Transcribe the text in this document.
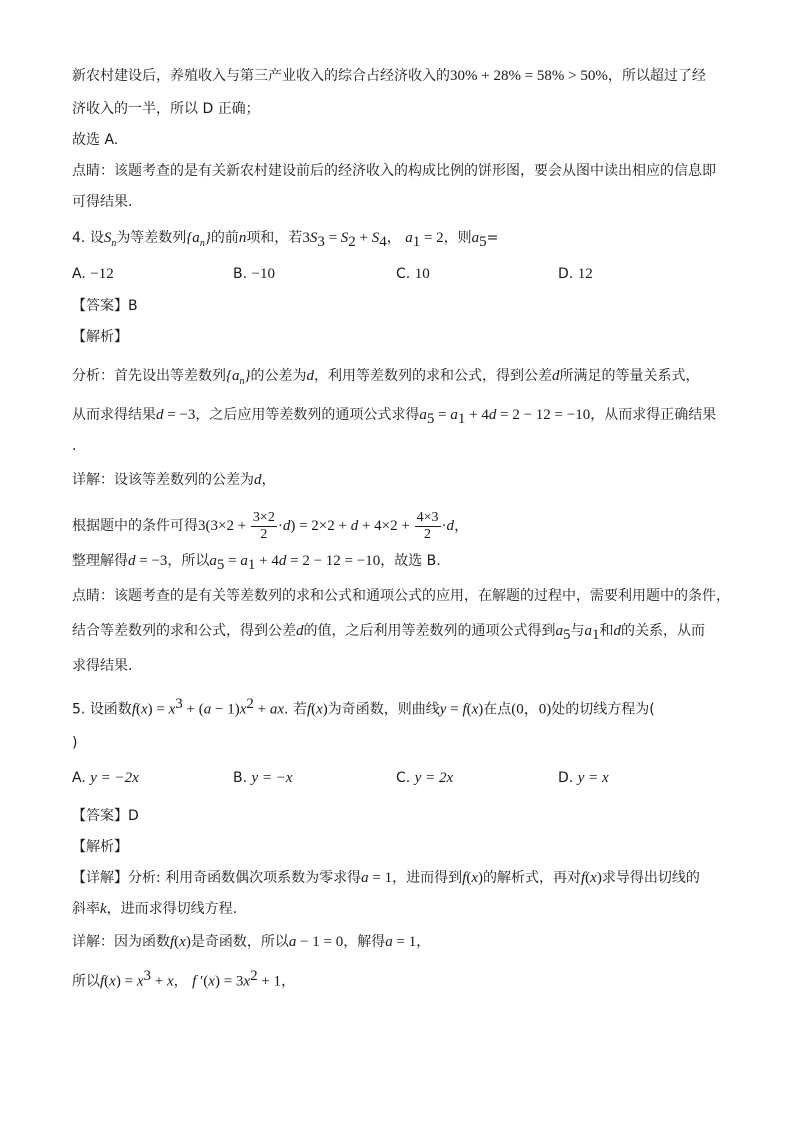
新农村建设后，养殖收入与第三产业收入的综合占经济收入的30% + 28% = 58% > 50%，所以超过了经
济收入的一半，所以 D 正确；
故选 A.
点睛：该题考查的是有关新农村建设前后的经济收入的构成比例的饼形图，要会从图中读出相应的信息即
可得结果.
4. 设$S_n$为等差数列$\{a_n\}$的前n项和，若$3S_3 = S_2 + S_4$， $a_1 = 2$，则$a_5=$
A. −12	B. −10	C. 10	D. 12
【答案】B
【解析】
分析：首先设出等差数列$\{a_n\}$的公差为d，利用等差数列的求和公式，得到公差d所满足的等量关系式，
从而求得结果d = −3，之后应用等差数列的通项公式求得$a_5 = a_1 + 4d = 2 - 12 = -10$，从而求得正确结果
.
详解：设该等差数列的公差为d，
根据题中的条件可得$3(3\times 2 + \frac{3\times 2}{2} \cdot d) = 2\times 2 + d + 4\times 2 + \frac{4\times 3}{2} \cdot d$，
整理解得d = −3，所以$a_5 = a_1 + 4d = 2 - 12 = -10$，故选 B.
点睛：该题考查的是有关等差数列的求和公式和通项公式的应用，在解题的过程中，需要利用题中的条件，
结合等差数列的求和公式，得到公差d的值，之后利用等差数列的通项公式得到$a_5$与$a_1$和d的关系，从而
求得结果.
5. 设函数$f(x) = x^3 + (a - 1)x^2$ + ax. 若f(x)为奇函数，则曲线y = f(x)在点(0，0)处的切线方程为(
)
A. y = −2x	B. y = −x	C. y = 2x	D. y = x
【答案】D
【解析】
【详解】分析: 利用奇函数偶次项系数为零求得a = 1，进而得到f(x)的解析式，再对f(x)求导得出切线的
斜率k，进而求得切线方程.
详解：因为函数f(x)是奇函数，所以a − 1 = 0，解得a = 1，
所以$f(x) = x^3 + x$， f $'(x) = 3x^2 + 1$，
